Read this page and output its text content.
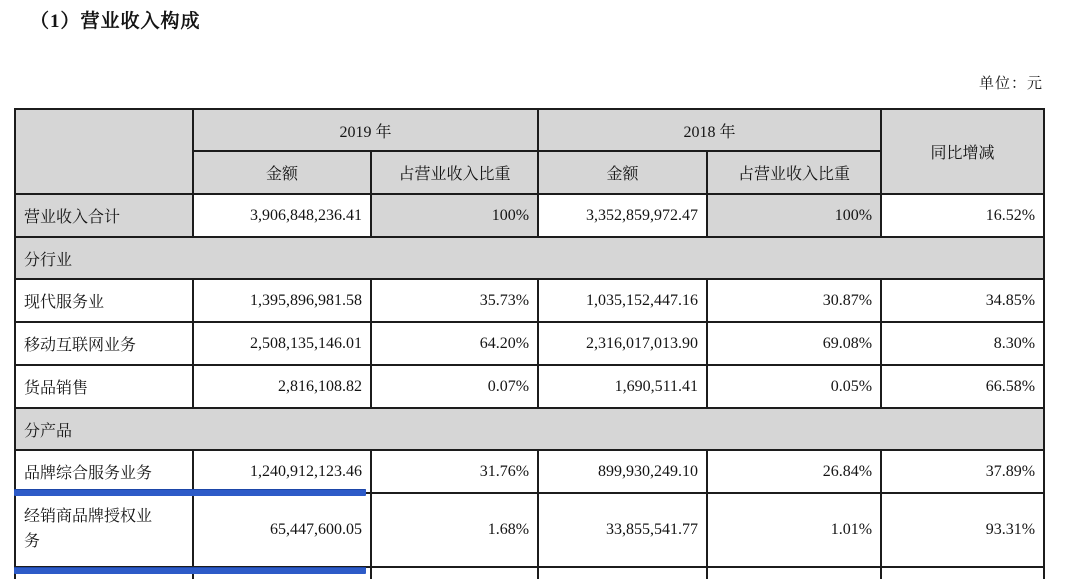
（1）营业收入构成
单位：元
	2019 年		2018 年		同比增减
	金额	占营业收入比重	金额	占营业收入比重	
营业收入合计	3,906,848,236.41	100%	3,352,859,972.47	100%	16.52%
分行业					
现代服务业	1,395,896,981.58	35.73%	1,035,152,447.16	30.87%	34.85%
移动互联网业务	2,508,135,146.01	64.20%	2,316,017,013.90	69.08%	8.30%
货品销售	2,816,108.82	0.07%	1,690,511.41	0.05%	66.58%
分产品					
品牌综合服务业务	1,240,912,123.46	31.76%	899,930,249.10	26.84%	37.89%
经销商品牌授权业务	65,447,600.05	1.68%	33,855,541.77	1.01%	93.31%
